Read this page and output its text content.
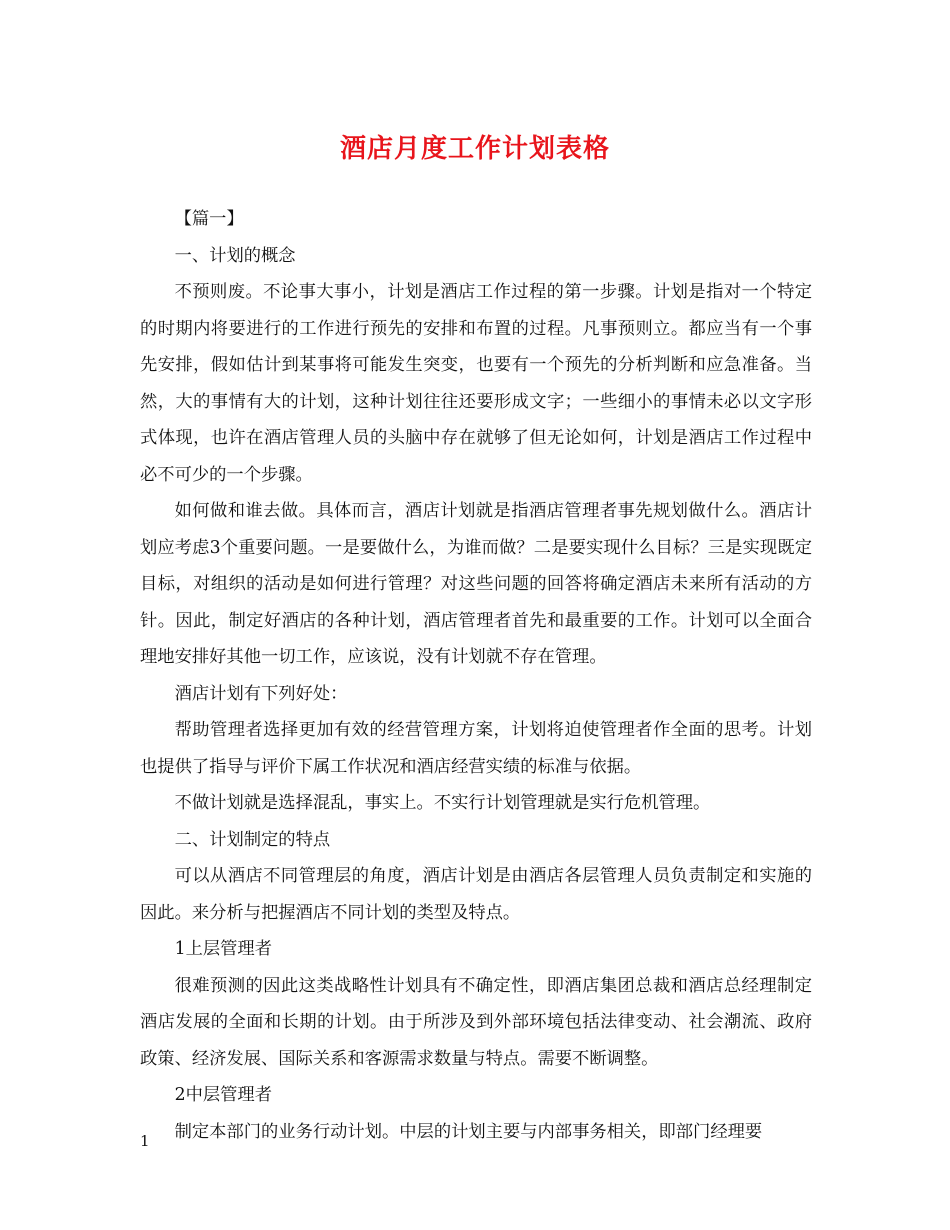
酒店月度工作计划表格

【篇一】

一、计划的概念

不预则废。不论事大事小，计划是酒店工作过程的第一步骤。计划是指对一个特定的时期内将要进行的工作进行预先的安排和布置的过程。凡事预则立。都应当有一个事先安排，假如估计到某事将可能发生突变，也要有一个预先的分析判断和应急准备。当然，大的事情有大的计划，这种计划往往还要形成文字；一些细小的事情未必以文字形式体现，也许在酒店管理人员的头脑中存在就够了但无论如何，计划是酒店工作过程中必不可少的一个步骤。

如何做和谁去做。具体而言，酒店计划就是指酒店管理者事先规划做什么。酒店计划应考虑3个重要问题。一是要做什么，为谁而做？二是要实现什么目标？三是实现既定目标，对组织的活动是如何进行管理？对这些问题的回答将确定酒店未来所有活动的方针。因此，制定好酒店的各种计划，酒店管理者首先和最重要的工作。计划可以全面合理地安排好其他一切工作，应该说，没有计划就不存在管理。

酒店计划有下列好处：

帮助管理者选择更加有效的经营管理方案，计划将迫使管理者作全面的思考。计划也提供了指导与评价下属工作状况和酒店经营实绩的标准与依据。

不做计划就是选择混乱，事实上。不实行计划管理就是实行危机管理。

二、计划制定的特点

可以从酒店不同管理层的角度，酒店计划是由酒店各层管理人员负责制定和实施的因此。来分析与把握酒店不同计划的类型及特点。

1上层管理者

很难预测的因此这类战略性计划具有不确定性，即酒店集团总裁和酒店总经理制定酒店发展的全面和长期的计划。由于所涉及到外部环境包括法律变动、社会潮流、政府政策、经济发展、国际关系和客源需求数量与特点。需要不断调整。

2中层管理者

制定本部门的业务行动计划。中层的计划主要与内部事务相关，即部门经理要

1
